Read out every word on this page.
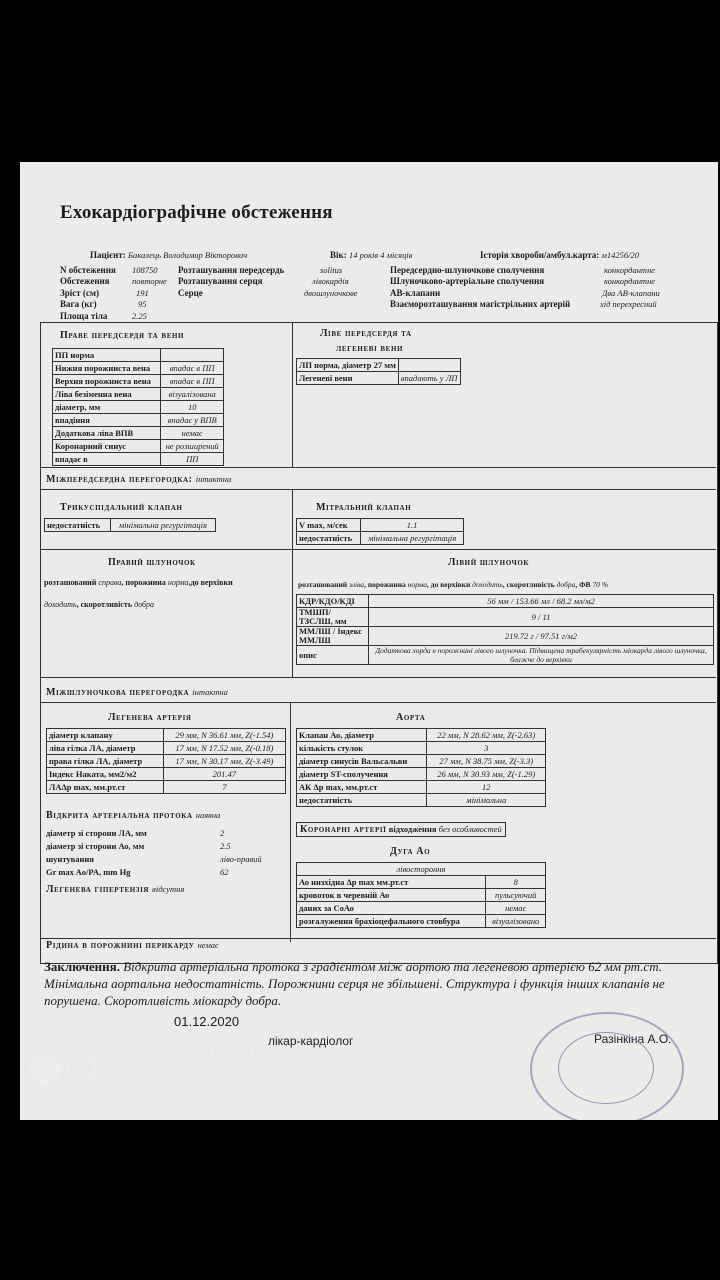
Ехокардіографічне обстеження
Пацієнт: Бакалець Володимир Вікторович	Вік: 14 років 4 місяців	Історія хвороби/амбул.карта: м14256/20
N обстеження 108750
Обстеження	повторне
Зріст (см)	191
Вага (кг)	95
Площа тіла	2.25
Розташування передсердь	solitus
Розташування серця	лівокардія
Серце	двошлуночкове
Передсердно-шлуночкове сполучення	конкордантне
Шлуночково-артеріальне сполучення	конкордантне
АВ-клапани	Два АВ-клапани
Взаєморозташування магістрільних артерій	хід перехресний
Праве передсердя та вени
ПП норма	
Нижня порожниста вена	впадає в ПП
Верхня порожниста вена	впадає в ПП
Ліва безіменна вена	візуалізована
діаметр, мм	10
впадіння	впадає у ВПВ
Додаткова ліва ВПВ	немає
Коронарний синус	не розширений
впадає в	ПП
Ліве передсердя та
легеневі вени
ЛП норма, діаметр 27 мм	
Легеневі вени	впадають у ЛП
Міжпередсердна перегородка: інтактна
Трикуспідальний клапан
недостатність	мінімальна регургітація
Мітральний клапан
V max, м/сек	1.1
недостатність	мінімальна регургітація
Правий шлуночок
розташований справа, порожнина норма,до верхівки
доходить, скоротливість добра
Лівий шлуночок
розташований зліва, порожнина норма, до верхівки доходить, скоротливість добра, ФВ 70 %
КДР/КДО/КДІ	56 мм / 153.66 мл / 68.2 мл/м2
ТМШП/ ТЗСЛШ, мм	9 / 11
ММЛШ / Індекс ММЛШ	219.72 г / 97.51 г/м2
опис	Додаткова хорда в порожнині лівого шлуночка. Підвищена трабекулярність міокарда лівого шлуночка, ближче до верхівки
Міжшлуночкова перегородка інтактна
Легенева артерія
діаметр клапану	29 мм, N 36.61 мм, Z(-1.54)
ліва гілка ЛА, діаметр	17 мм, N 17.52 мм, Z(-0.18)
права гілка ЛА, діаметр	17 мм, N 30.17 мм, Z(-3.49)
Індекс Наката, мм2/м2	201.47
ЛАΔр max, мм.рт.ст	7
Аорта
Клапан Ао, діаметр	22 мм, N 28.62 мм, Z(-2.63)
кількість стулок	3
діаметр синусів Вальсальви	27 мм, N 38.75 мм, Z(-3.3)
діаметр ST-сполучення	26 мм, N 30.93 мм, Z(-1.29)
АК Δр max, мм.рт.ст	12
недостатність	мінімальна
Відкрита артеріальна протока наявна
діаметр зі сторони ЛА, мм	2
діаметр зі сторони Ао, мм	2.5
шунтування	ліво-правий
Gr max Ao/PA, mm Hg	62
Коронарні артерії відходження без особливостей
Дуга Ао
лівостороння	
Ао низхідна Δр max мм.рт.ст	8
кровоток в черевній Ао	пульсуючий
даних за СоАо	немає
розгалуження брахіоцефального стовбура	візуалізовано
Легенева гіпертензія відсутня
Рідина в порожнині перикарду немає
Заключення. Відкрита артеріальна протока з градієнтом між аортою та легеневою артерією 62 мм рт.ст. Мінімальна аортальна недостатність. Порожнини серця не збільшені. Структура і функція інших клапанів не порушена. Скоротливість міокарду добра.
01.12.2020
лікар-кардіолог	Разінкіна А.О.
SHOT ON REDMI 7
AI DUAL CAMERA
